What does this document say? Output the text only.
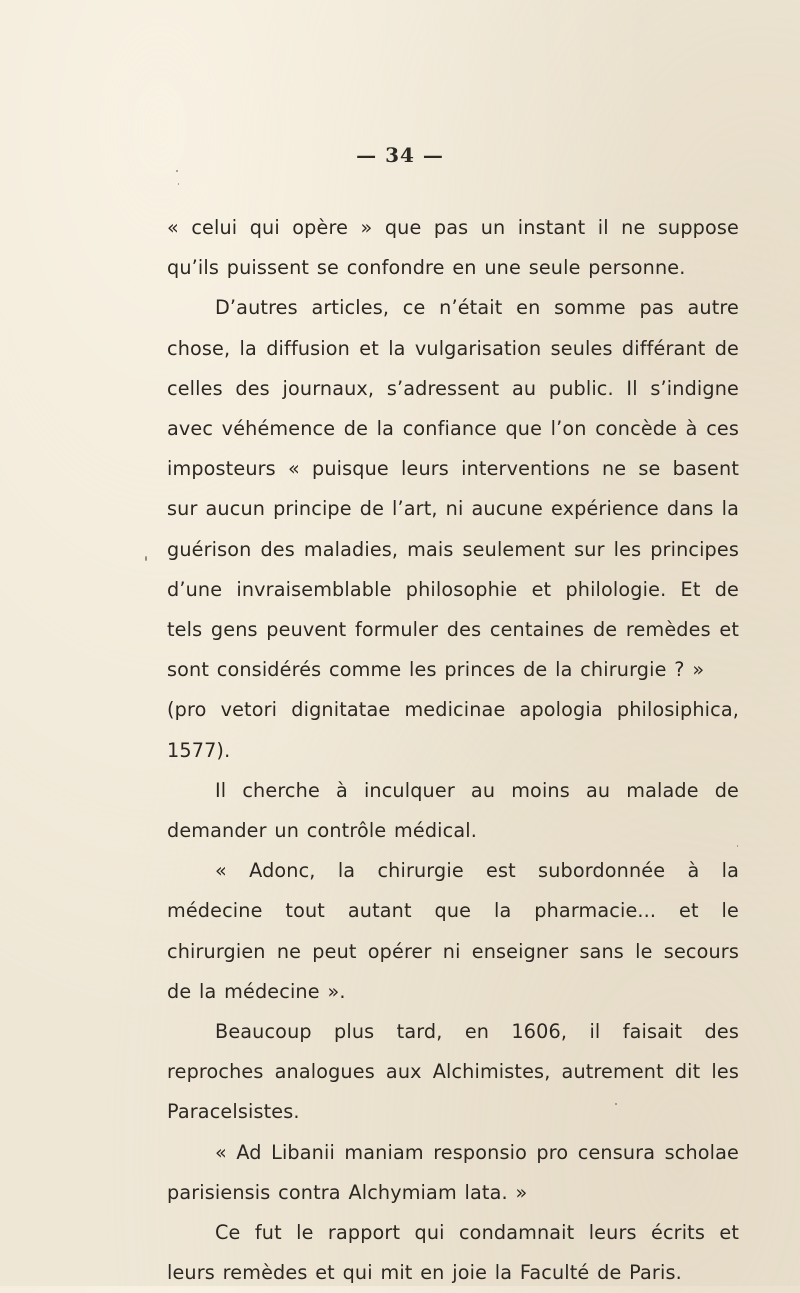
— 34 —

« celui qui opère » que pas un instant il ne suppose qu’ils puissent se confondre en une seule personne.

D’autres articles, ce n’était en somme pas autre chose, la diffusion et la vulgarisation seules différant de celles des journaux, s’adressent au public. Il s’indigne avec véhémence de la confiance que l’on concède à ces imposteurs « puisque leurs interventions ne se basent sur aucun principe de l’art, ni aucune expérience dans la guérison des maladies, mais seulement sur les principes d’une invraisemblable philosophie et philologie. Et de tels gens peuvent formuler des centaines de remèdes et sont considérés comme les princes de la chirurgie ? »

(pro vetori dignitatae medicinae apologia philosiphica, 1577).

Il cherche à inculquer au moins au malade de demander un contrôle médical.

« Adonc, la chirurgie est subordonnée à la médecine tout autant que la pharmacie... et le chirurgien ne peut opérer ni enseigner sans le secours de la médecine ».

Beaucoup plus tard, en 1606, il faisait des reproches analogues aux Alchimistes, autrement dit les Paracelsistes.

« Ad Libanii maniam responsio pro censura scholae parisiensis contra Alchymiam lata. »

Ce fut le rapport qui condamnait leurs écrits et leurs remèdes et qui mit en joie la Faculté de Paris.
